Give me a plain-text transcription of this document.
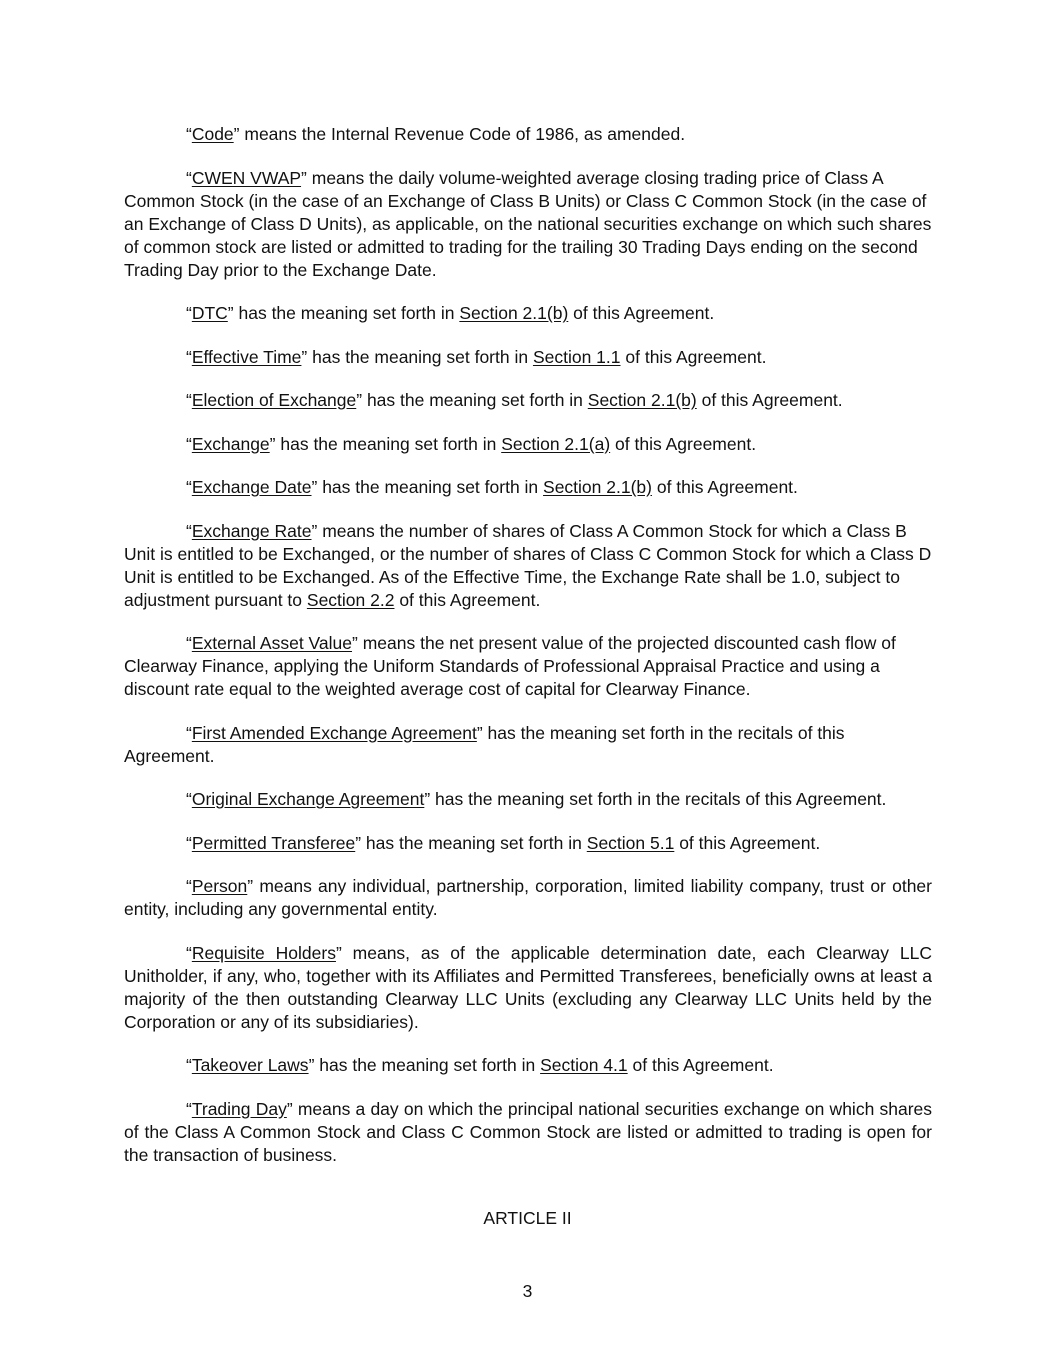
“Code” means the Internal Revenue Code of 1986, as amended.

“CWEN VWAP” means the daily volume-weighted average closing trading price of Class A Common Stock (in the case of an Exchange of Class B Units) or Class C Common Stock (in the case of an Exchange of Class D Units), as applicable, on the national securities exchange on which such shares of common stock are listed or admitted to trading for the trailing 30 Trading Days ending on the second Trading Day prior to the Exchange Date.

“DTC” has the meaning set forth in Section 2.1(b) of this Agreement.

“Effective Time” has the meaning set forth in Section 1.1 of this Agreement.

“Election of Exchange” has the meaning set forth in Section 2.1(b) of this Agreement.

“Exchange” has the meaning set forth in Section 2.1(a) of this Agreement.

“Exchange Date” has the meaning set forth in Section 2.1(b) of this Agreement.

“Exchange Rate” means the number of shares of Class A Common Stock for which a Class B Unit is entitled to be Exchanged, or the number of shares of Class C Common Stock for which a Class D Unit is entitled to be Exchanged. As of the Effective Time, the Exchange Rate shall be 1.0, subject to adjustment pursuant to Section 2.2 of this Agreement.

“External Asset Value” means the net present value of the projected discounted cash flow of Clearway Finance, applying the Uniform Standards of Professional Appraisal Practice and using a discount rate equal to the weighted average cost of capital for Clearway Finance.

“First Amended Exchange Agreement” has the meaning set forth in the recitals of this Agreement.

“Original Exchange Agreement” has the meaning set forth in the recitals of this Agreement.

“Permitted Transferee” has the meaning set forth in Section 5.1 of this Agreement.

“Person” means any individual, partnership, corporation, limited liability company, trust or other entity, including any governmental entity.

“Requisite Holders” means, as of the applicable determination date, each Clearway LLC Unitholder, if any, who, together with its Affiliates and Permitted Transferees, beneficially owns at least a majority of the then outstanding Clearway LLC Units (excluding any Clearway LLC Units held by the Corporation or any of its subsidiaries).

“Takeover Laws” has the meaning set forth in Section 4.1 of this Agreement.

“Trading Day” means a day on which the principal national securities exchange on which shares of the Class A Common Stock and Class C Common Stock are listed or admitted to trading is open for the transaction of business.

ARTICLE II
3
